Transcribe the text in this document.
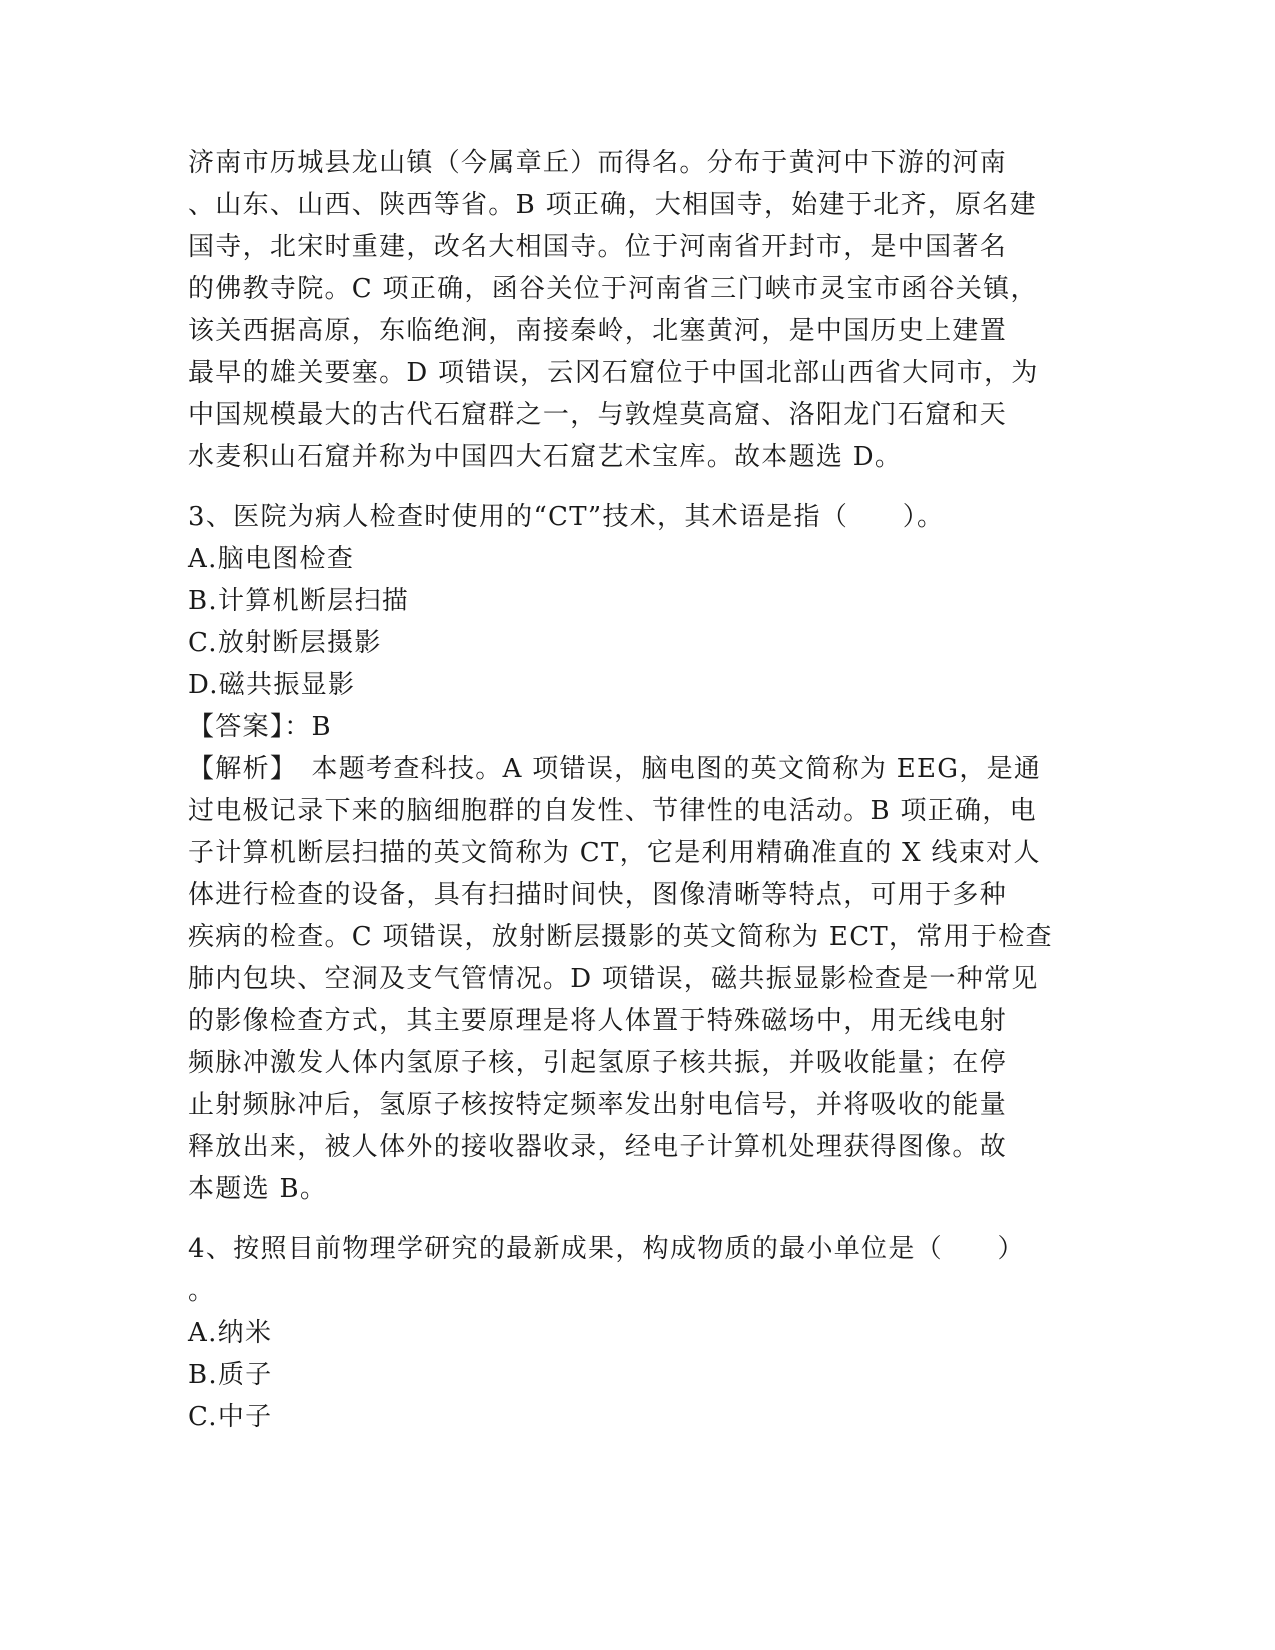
济南市历城县龙山镇（今属章丘）而得名。分布于黄河中下游的河南
、山东、山西、陕西等省。B 项正确，大相国寺，始建于北齐，原名建
国寺，北宋时重建，改名大相国寺。位于河南省开封市，是中国著名
的佛教寺院。C 项正确，函谷关位于河南省三门峡市灵宝市函谷关镇，
该关西据高原，东临绝涧，南接秦岭，北塞黄河，是中国历史上建置
最早的雄关要塞。D 项错误，云冈石窟位于中国北部山西省大同市，为
中国规模最大的古代石窟群之一，与敦煌莫高窟、洛阳龙门石窟和天
水麦积山石窟并称为中国四大石窟艺术宝库。故本题选 D。
3、医院为病人检查时使用的“CT”技术，其术语是指（　　）。
A.脑电图检查
B.计算机断层扫描
C.放射断层摄影
D.磁共振显影
【答案】：B
【解析】　本题考查科技。A 项错误，脑电图的英文简称为 EEG，是通
过电极记录下来的脑细胞群的自发性、节律性的电活动。B 项正确，电
子计算机断层扫描的英文简称为 CT，它是利用精确准直的 X 线束对人
体进行检查的设备，具有扫描时间快，图像清晰等特点，可用于多种
疾病的检查。C 项错误，放射断层摄影的英文简称为 ECT，常用于检查
肺内包块、空洞及支气管情况。D 项错误，磁共振显影检查是一种常见
的影像检查方式，其主要原理是将人体置于特殊磁场中，用无线电射
频脉冲激发人体内氢原子核，引起氢原子核共振，并吸收能量；在停
止射频脉冲后，氢原子核按特定频率发出射电信号，并将吸收的能量
释放出来，被人体外的接收器收录，经电子计算机处理获得图像。故
本题选 B。
4、按照目前物理学研究的最新成果，构成物质的最小单位是（　　）
。
A.纳米
B.质子
C.中子
